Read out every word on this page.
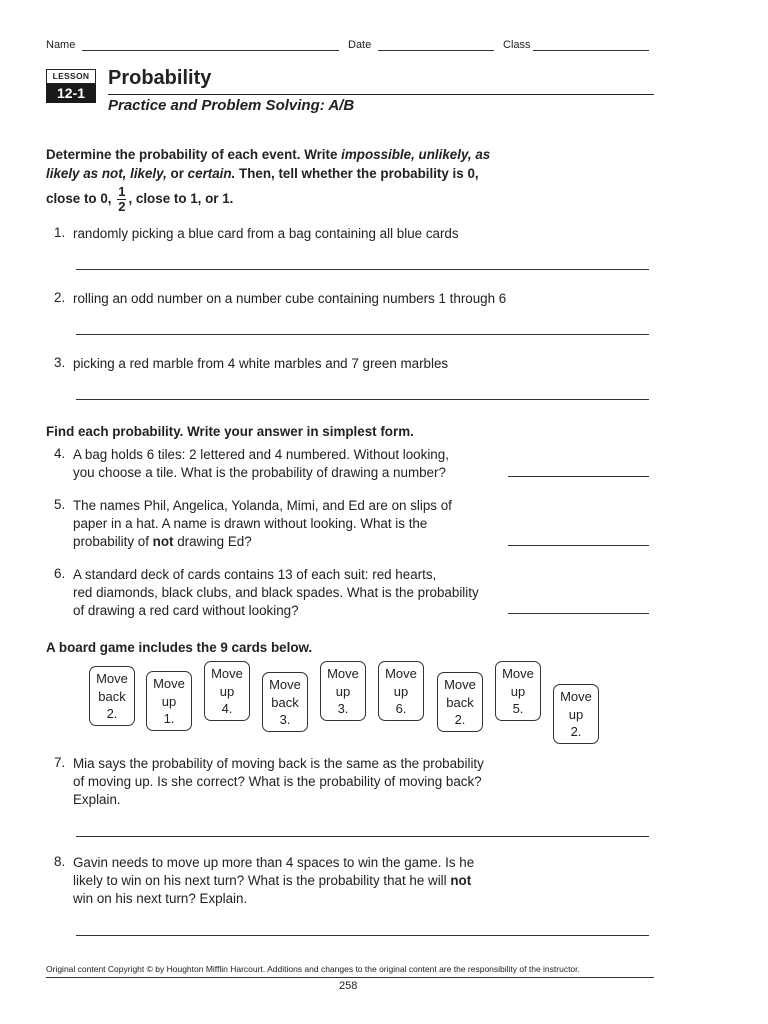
Name	Date	Class
LESSON
12-1
Probability
Practice and Problem Solving: A/B
Determine the probability of each event. Write impossible, unlikely, as
likely as not, likely, or certain. Then, tell whether the probability is 0,
close to 0, $\frac{1}{2}$ , close to 1, or 1.
1. randomly picking a blue card from a bag containing all blue cards
2. rolling an odd number on a number cube containing numbers 1 through 6
3. picking a red marble from 4 white marbles and 7 green marbles
Find each probability. Write your answer in simplest form.
4. A bag holds 6 tiles: 2 lettered and 4 numbered. Without looking,
you choose a tile. What is the probability of drawing a number?
5. The names Phil, Angelica, Yolanda, Mimi, and Ed are on slips of
paper in a hat. A name is drawn without looking. What is the
probability of not drawing Ed?
6. A standard deck of cards contains 13 of each suit: red hearts,
red diamonds, black clubs, and black spades. What is the probability
of drawing a red card without looking?
A board game includes the 9 cards below.
Move
back
2.
Move
up
1.
Move
up
4.
Move
back
3.
Move
up
3.
Move
up
6.
Move
back
2.
Move
up
5.
Move
up
2.
7. Mia says the probability of moving back is the same as the probability
of moving up. Is she correct? What is the probability of moving back?
Explain.
8. Gavin needs to move up more than 4 spaces to win the game. Is he
likely to win on his next turn? What is the probability that he will not
win on his next turn? Explain.
Original content Copyright © by Houghton Mifflin Harcourt. Additions and changes to the original content are the responsibility of the instructor.
258
